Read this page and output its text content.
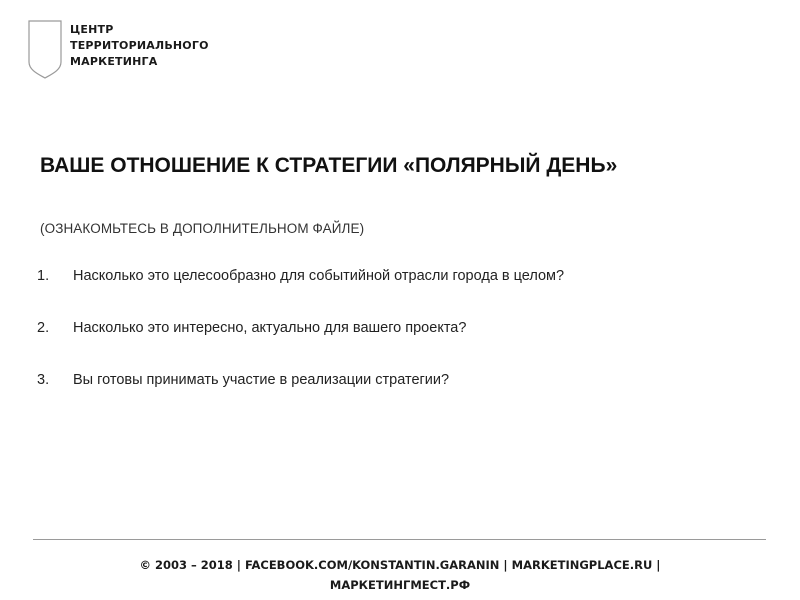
ЦЕНТР
ТЕРРИТОРИАЛЬНОГО
МАРКЕТИНГА
ВАШЕ ОТНОШЕНИЕ К СТРАТЕГИИ «ПОЛЯРНЫЙ ДЕНЬ»
(ОЗНАКОМЬТЕСЬ В ДОПОЛНИТЕЛЬНОМ ФАЙЛЕ)
1. Насколько это целесообразно для событийной отрасли города в целом?
2. Насколько это интересно, актуально для вашего проекта?
3. Вы готовы принимать участие в реализации стратегии?
© 2003 – 2018 | FACEBOOK.COM/KONSTANTIN.GARANIN | MARKETINGPLACE.RU |
МАРКЕТИНГМЕСТ.РФ
